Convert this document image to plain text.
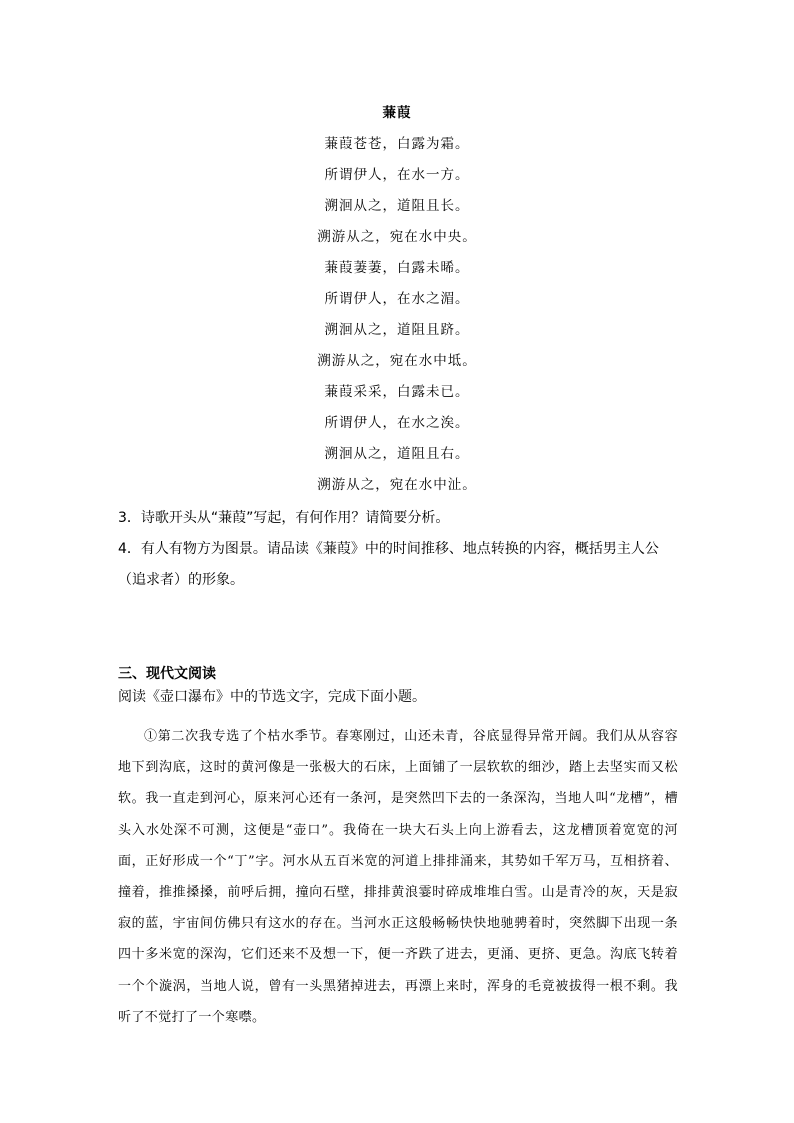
蒹葭
蒹葭苍苍，白露为霜。
所谓伊人，在水一方。
溯洄从之，道阻且长。
溯游从之，宛在水中央。
蒹葭萋萋，白露未晞。
所谓伊人，在水之湄。
溯洄从之，道阻且跻。
溯游从之，宛在水中坻。
蒹葭采采，白露未已。
所谓伊人，在水之涘。
溯洄从之，道阻且右。
溯游从之，宛在水中沚。
3．诗歌开头从“蒹葭”写起，有何作用？请简要分析。
4．有人有物方为图景。请品读《蒹葭》中的时间推移、地点转换的内容，概括男主人公（追求者）的形象。
三、现代文阅读
阅读《壶口瀑布》中的节选文字，完成下面小题。
①第二次我专选了个枯水季节。春寒刚过，山还未青，谷底显得异常开阔。我们从从容容地下到沟底，这时的黄河像是一张极大的石床，上面铺了一层软软的细沙，踏上去坚实而又松软。我一直走到河心，原来河心还有一条河，是突然凹下去的一条深沟，当地人叫“龙槽”，槽头入水处深不可测，这便是“壶口”。我倚在一块大石头上向上游看去，这龙槽顶着宽宽的河面，正好形成一个“丁”字。河水从五百米宽的河道上排排涌来，其势如千军万马，互相挤着、撞着，推推搡搡，前呼后拥，撞向石壁，排排黄浪霎时碎成堆堆白雪。山是青冷的灰，天是寂寂的蓝，宇宙间仿佛只有这水的存在。当河水正这般畅畅快快地驰骋着时，突然脚下出现一条四十多米宽的深沟，它们还来不及想一下，便一齐跌了进去，更涌、更挤、更急。沟底飞转着一个个漩涡，当地人说，曾有一头黑猪掉进去，再漂上来时，浑身的毛竟被拔得一根不剩。我听了不觉打了一个寒噤。
